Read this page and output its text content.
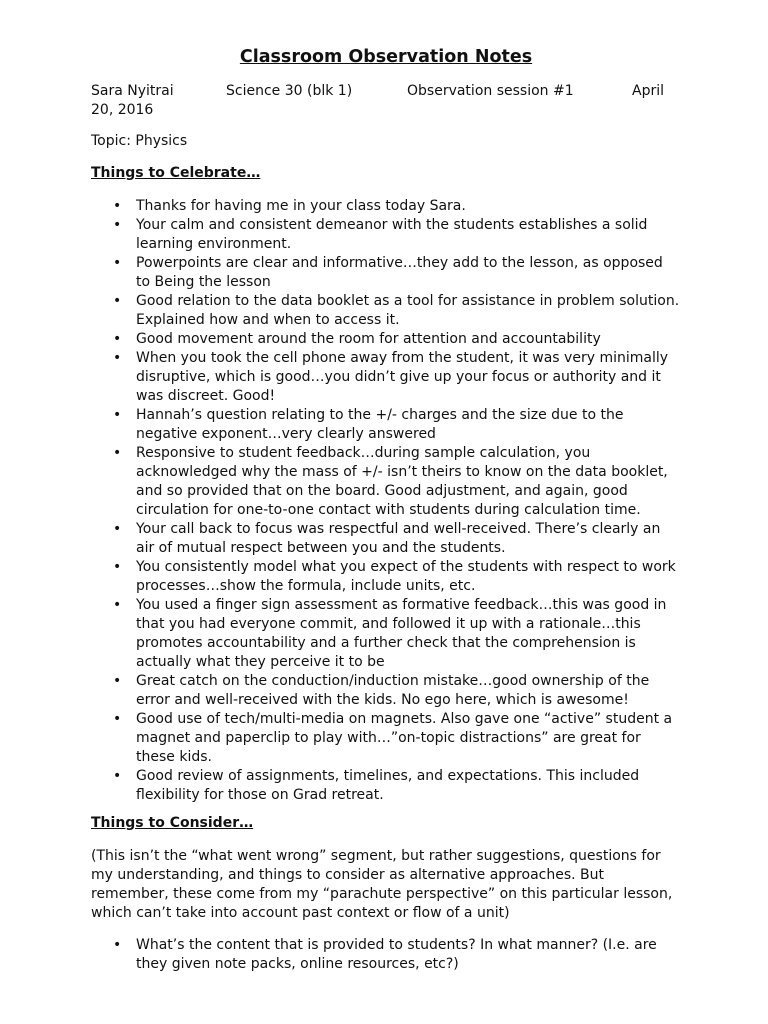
Classroom Observation Notes
Sara Nyitrai	Science 30 (blk 1)	Observation session #1	April
20, 2016
Topic: Physics
Things to Celebrate…
• Thanks for having me in your class today Sara.
• Your calm and consistent demeanor with the students establishes a solid learning environment.
• Powerpoints are clear and informative…they add to the lesson, as opposed to Being the lesson
• Good relation to the data booklet as a tool for assistance in problem solution. Explained how and when to access it.
• Good movement around the room for attention and accountability
• When you took the cell phone away from the student, it was very minimally disruptive, which is good…you didn’t give up your focus or authority and it was discreet. Good!
• Hannah’s question relating to the +/- charges and the size due to the negative exponent…very clearly answered
• Responsive to student feedback…during sample calculation, you acknowledged why the mass of +/- isn’t theirs to know on the data booklet, and so provided that on the board. Good adjustment, and again, good circulation for one-to-one contact with students during calculation time.
• Your call back to focus was respectful and well-received. There’s clearly an air of mutual respect between you and the students.
• You consistently model what you expect of the students with respect to work processes…show the formula, include units, etc.
• You used a finger sign assessment as formative feedback…this was good in that you had everyone commit, and followed it up with a rationale…this promotes accountability and a further check that the comprehension is actually what they perceive it to be
• Great catch on the conduction/induction mistake…good ownership of the error and well-received with the kids. No ego here, which is awesome!
• Good use of tech/multi-media on magnets. Also gave one “active” student a magnet and paperclip to play with…”on-topic distractions” are great for these kids.
• Good review of assignments, timelines, and expectations. This included flexibility for those on Grad retreat.
Things to Consider…
(This isn’t the “what went wrong” segment, but rather suggestions, questions for my understanding, and things to consider as alternative approaches. But remember, these come from my “parachute perspective” on this particular lesson, which can’t take into account past context or flow of a unit)
• What’s the content that is provided to students? In what manner? (I.e. are they given note packs, online resources, etc?)
